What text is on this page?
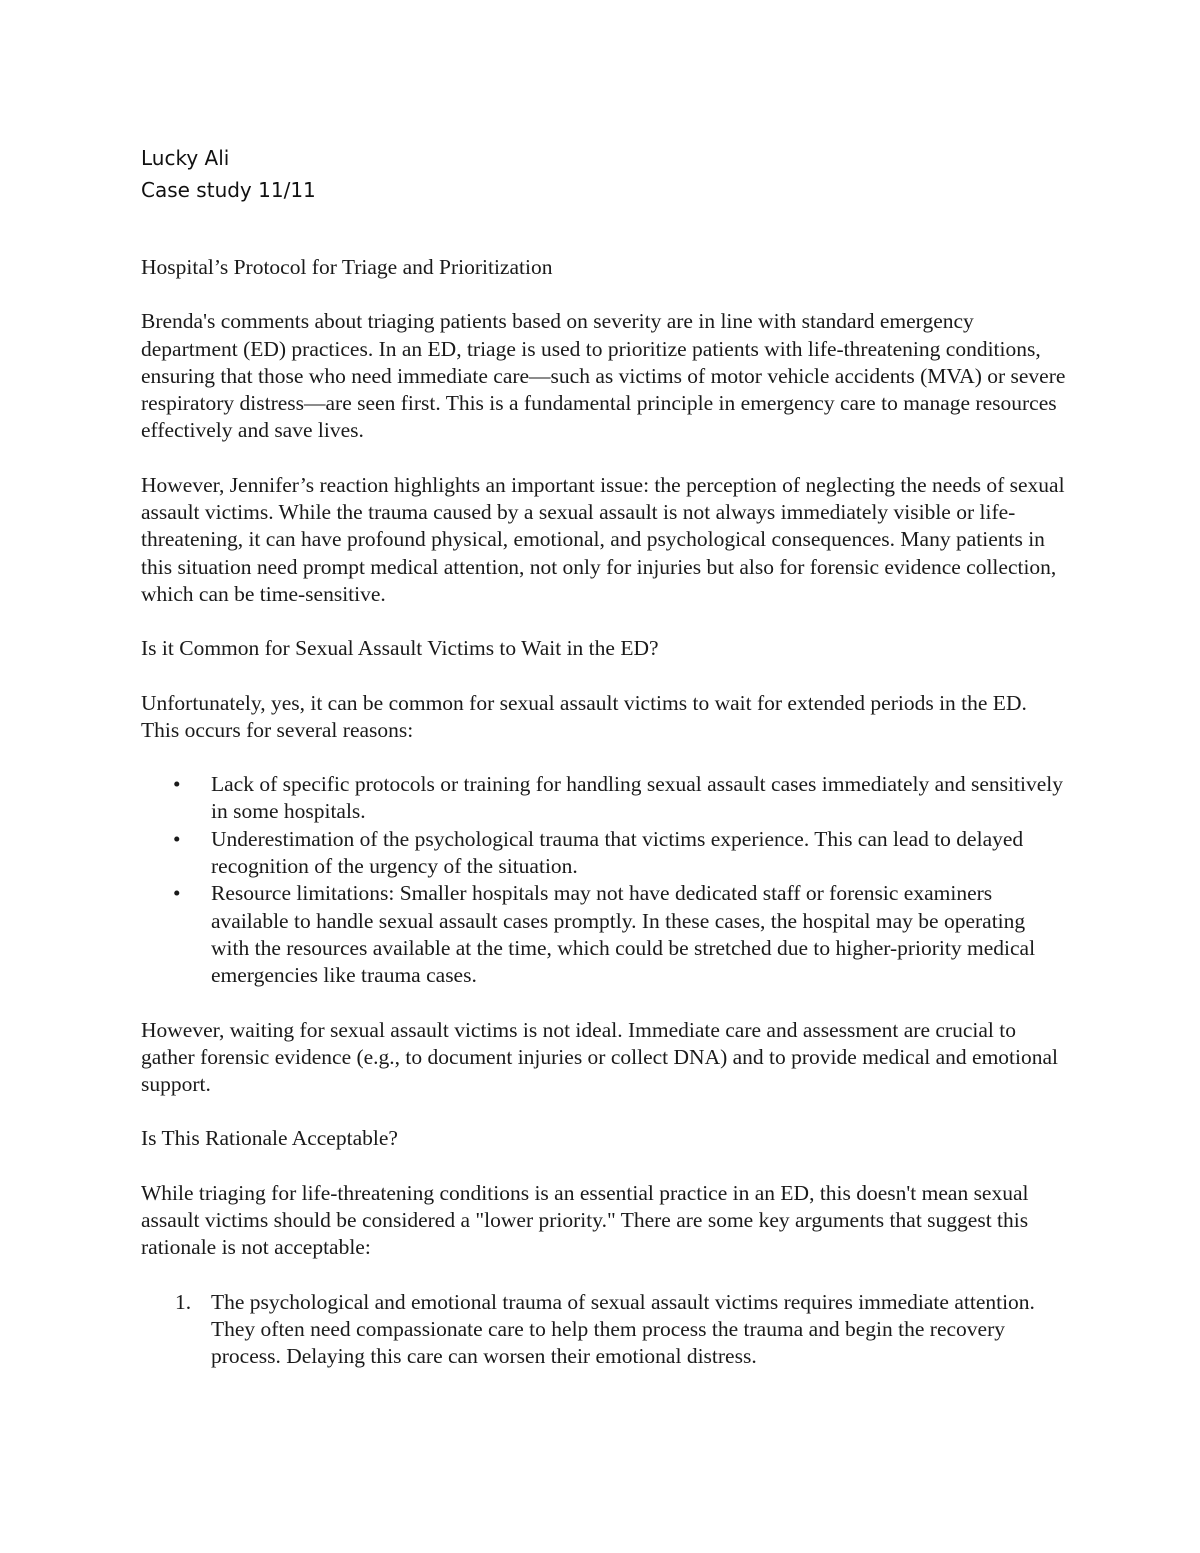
Lucky Ali
Case study 11/11
Hospital’s Protocol for Triage and Prioritization

Brenda's comments about triaging patients based on severity are in line with standard emergency department (ED) practices. In an ED, triage is used to prioritize patients with life-threatening conditions, ensuring that those who need immediate care—such as victims of motor vehicle accidents (MVA) or severe respiratory distress—are seen first. This is a fundamental principle in emergency care to manage resources effectively and save lives.

However, Jennifer’s reaction highlights an important issue: the perception of neglecting the needs of sexual assault victims. While the trauma caused by a sexual assault is not always immediately visible or life-threatening, it can have profound physical, emotional, and psychological consequences. Many patients in this situation need prompt medical attention, not only for injuries but also for forensic evidence collection, which can be time-sensitive.

Is it Common for Sexual Assault Victims to Wait in the ED?

Unfortunately, yes, it can be common for sexual assault victims to wait for extended periods in the ED. This occurs for several reasons:

• Lack of specific protocols or training for handling sexual assault cases immediately and sensitively in some hospitals.
• Underestimation of the psychological trauma that victims experience. This can lead to delayed recognition of the urgency of the situation.
• Resource limitations: Smaller hospitals may not have dedicated staff or forensic examiners available to handle sexual assault cases promptly. In these cases, the hospital may be operating with the resources available at the time, which could be stretched due to higher-priority medical emergencies like trauma cases.

However, waiting for sexual assault victims is not ideal. Immediate care and assessment are crucial to gather forensic evidence (e.g., to document injuries or collect DNA) and to provide medical and emotional support.

Is This Rationale Acceptable?

While triaging for life-threatening conditions is an essential practice in an ED, this doesn't mean sexual assault victims should be considered a "lower priority." There are some key arguments that suggest this rationale is not acceptable:

1. The psychological and emotional trauma of sexual assault victims requires immediate attention. They often need compassionate care to help them process the trauma and begin the recovery process. Delaying this care can worsen their emotional distress.
